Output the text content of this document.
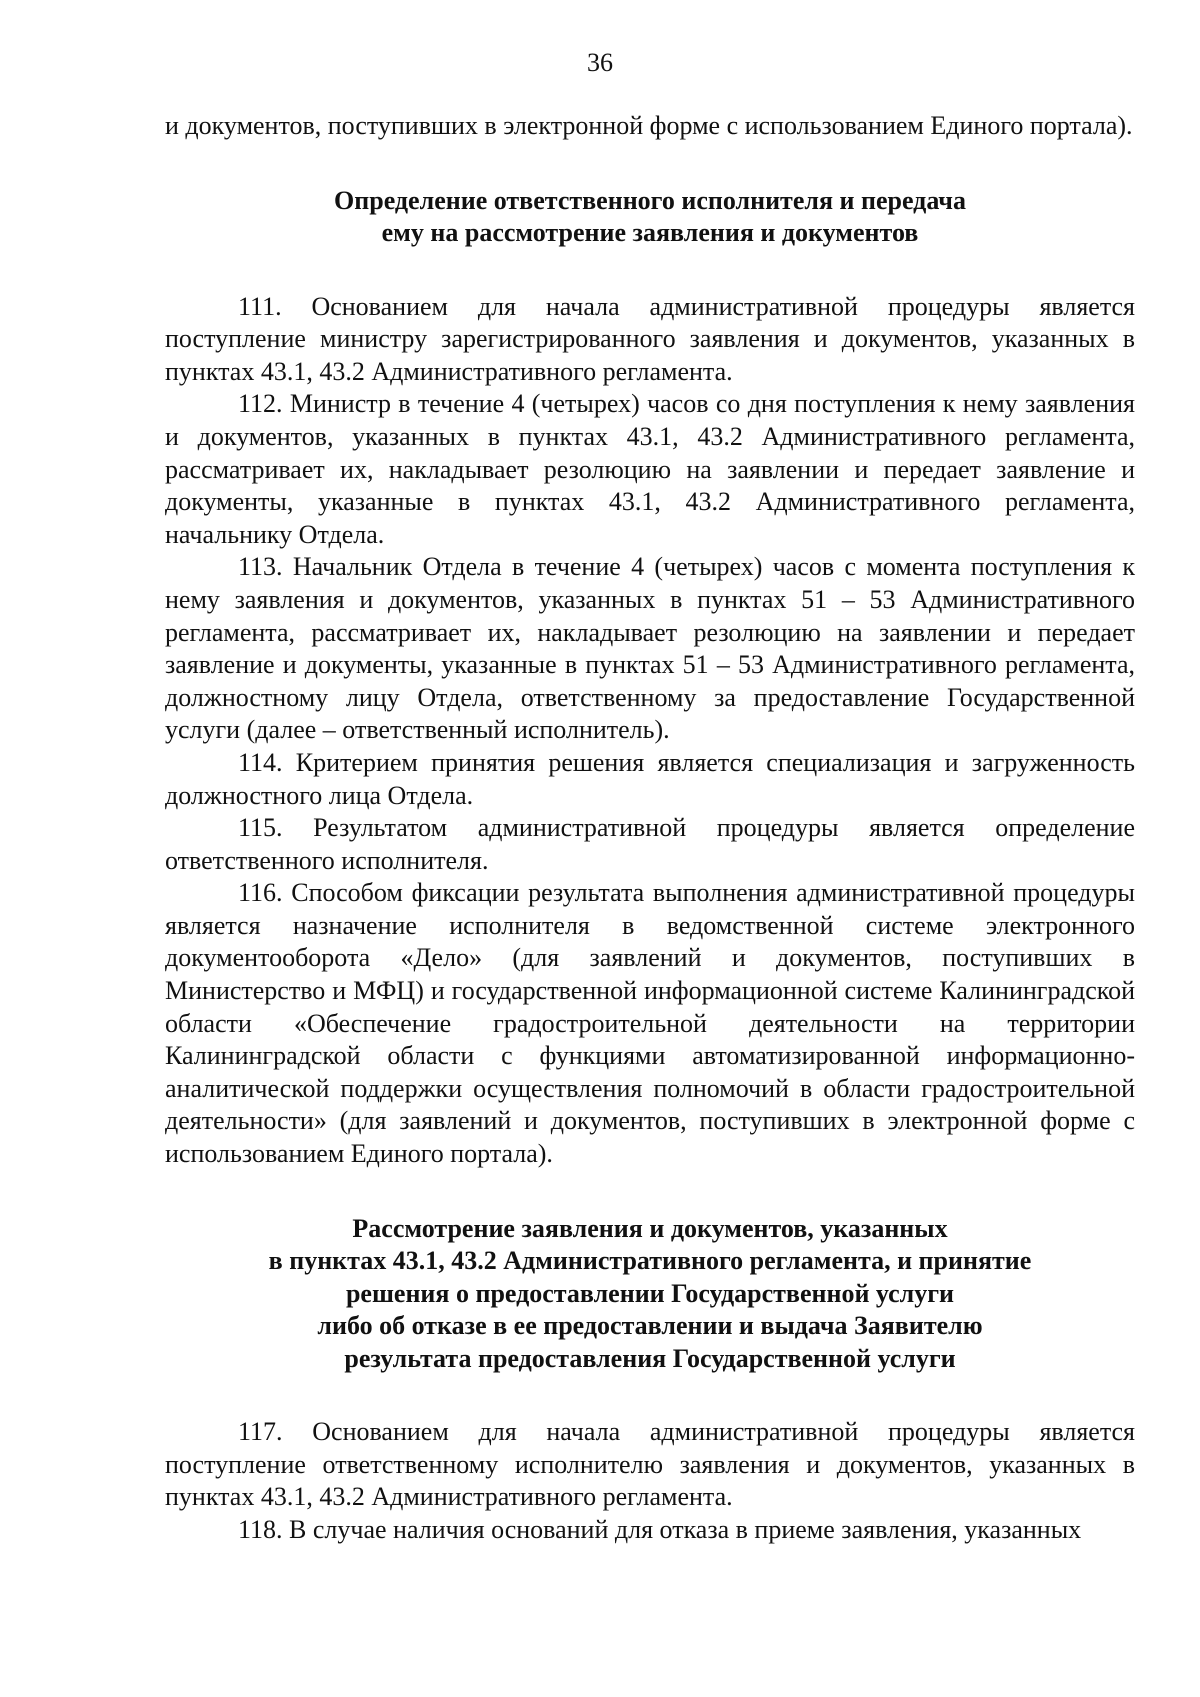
36

и документов, поступивших в электронной форме с использованием Единого портала).

Определение ответственного исполнителя и передача
ему на рассмотрение заявления и документов

111. Основанием для начала административной процедуры является поступление министру зарегистрированного заявления и документов, указанных в пунктах 43.1, 43.2 Административного регламента.

112. Министр в течение 4 (четырех) часов со дня поступления к нему заявления и документов, указанных в пунктах 43.1, 43.2 Административного регламента, рассматривает их, накладывает резолюцию на заявлении и передает заявление и документы, указанные в пунктах 43.1, 43.2 Административного регламента, начальнику Отдела.

113. Начальник Отдела в течение 4 (четырех) часов с момента поступления к нему заявления и документов, указанных в пунктах 51 – 53 Административного регламента, рассматривает их, накладывает резолюцию на заявлении и передает заявление и документы, указанные в пунктах 51 – 53 Административного регламента, должностному лицу Отдела, ответственному за предоставление Государственной услуги (далее – ответственный исполнитель).

114. Критерием принятия решения является специализация и загруженность должностного лица Отдела.

115. Результатом административной процедуры является определение ответственного исполнителя.

116. Способом фиксации результата выполнения административной процедуры является назначение исполнителя в ведомственной системе электронного документооборота «Дело» (для заявлений и документов, поступивших в Министерство и МФЦ) и государственной информационной системе Калининградской области «Обеспечение градостроительной деятельности на территории Калининградской области с функциями автоматизированной информационно-аналитической поддержки осуществления полномочий в области градостроительной деятельности» (для заявлений и документов, поступивших в электронной форме с использованием Единого портала).

Рассмотрение заявления и документов, указанных
в пунктах 43.1, 43.2 Административного регламента, и принятие
решения о предоставлении Государственной услуги
либо об отказе в ее предоставлении и выдача Заявителю
результата предоставления Государственной услуги

117. Основанием для начала административной процедуры является поступление ответственному исполнителю заявления и документов, указанных в пунктах 43.1, 43.2 Административного регламента.

118. В случае наличия оснований для отказа в приеме заявления, указанных
